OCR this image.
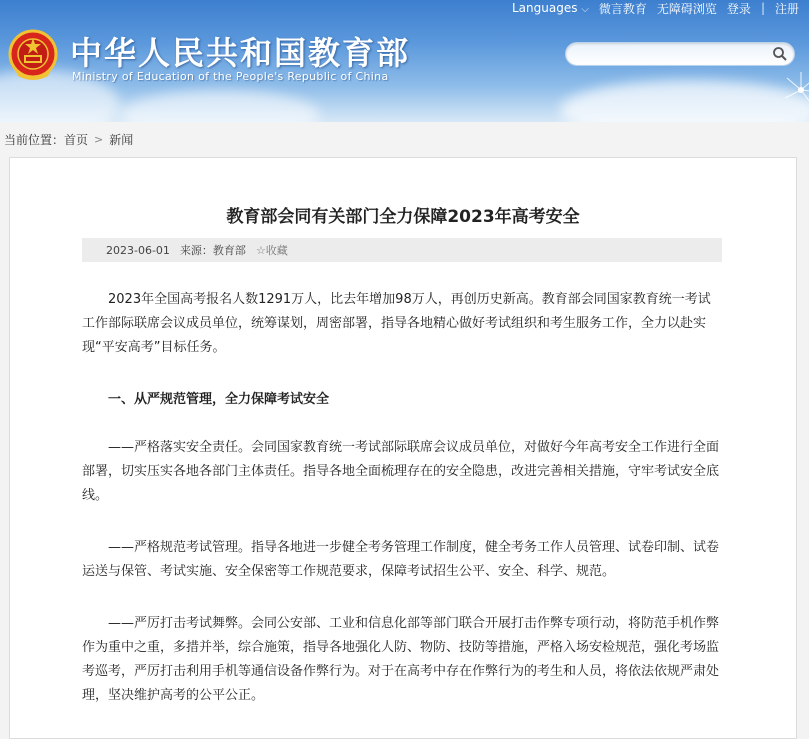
Languages ⌵ 微言教育 无障碍浏览 登录 | 注册
中华人民共和国教育部
Ministry of Education of the People's Republic of China
当前位置： 首页 > 新闻
教育部会同有关部门全力保障2023年高考安全
2023-06-01 来源：教育部 ☆收藏

2023年全国高考报名人数1291万人，比去年增加98万人，再创历史新高。教育部会同国家教育统一考试工作部际联席会议成员单位，统筹谋划，周密部署，指导各地精心做好考试组织和考生服务工作，全力以赴实现“平安高考”目标任务。

一、从严规范管理，全力保障考试安全

——严格落实安全责任。会同国家教育统一考试部际联席会议成员单位，对做好今年高考安全工作进行全面部署，切实压实各地各部门主体责任。指导各地全面梳理存在的安全隐患，改进完善相关措施，守牢考试安全底线。

——严格规范考试管理。指导各地进一步健全考务管理工作制度，健全考务工作人员管理、试卷印制、试卷运送与保管、考试实施、安全保密等工作规范要求，保障考试招生公平、安全、科学、规范。

——严厉打击考试舞弊。会同公安部、工业和信息化部等部门联合开展打击作弊专项行动，将防范手机作弊作为重中之重，多措并举，综合施策，指导各地强化人防、物防、技防等措施，严格入场安检规范，强化考场监考巡考，严厉打击利用手机等通信设备作弊行为。对于在高考中存在作弊行为的考生和人员，将依法依规严肃处理，坚决维护高考的公平公正。
